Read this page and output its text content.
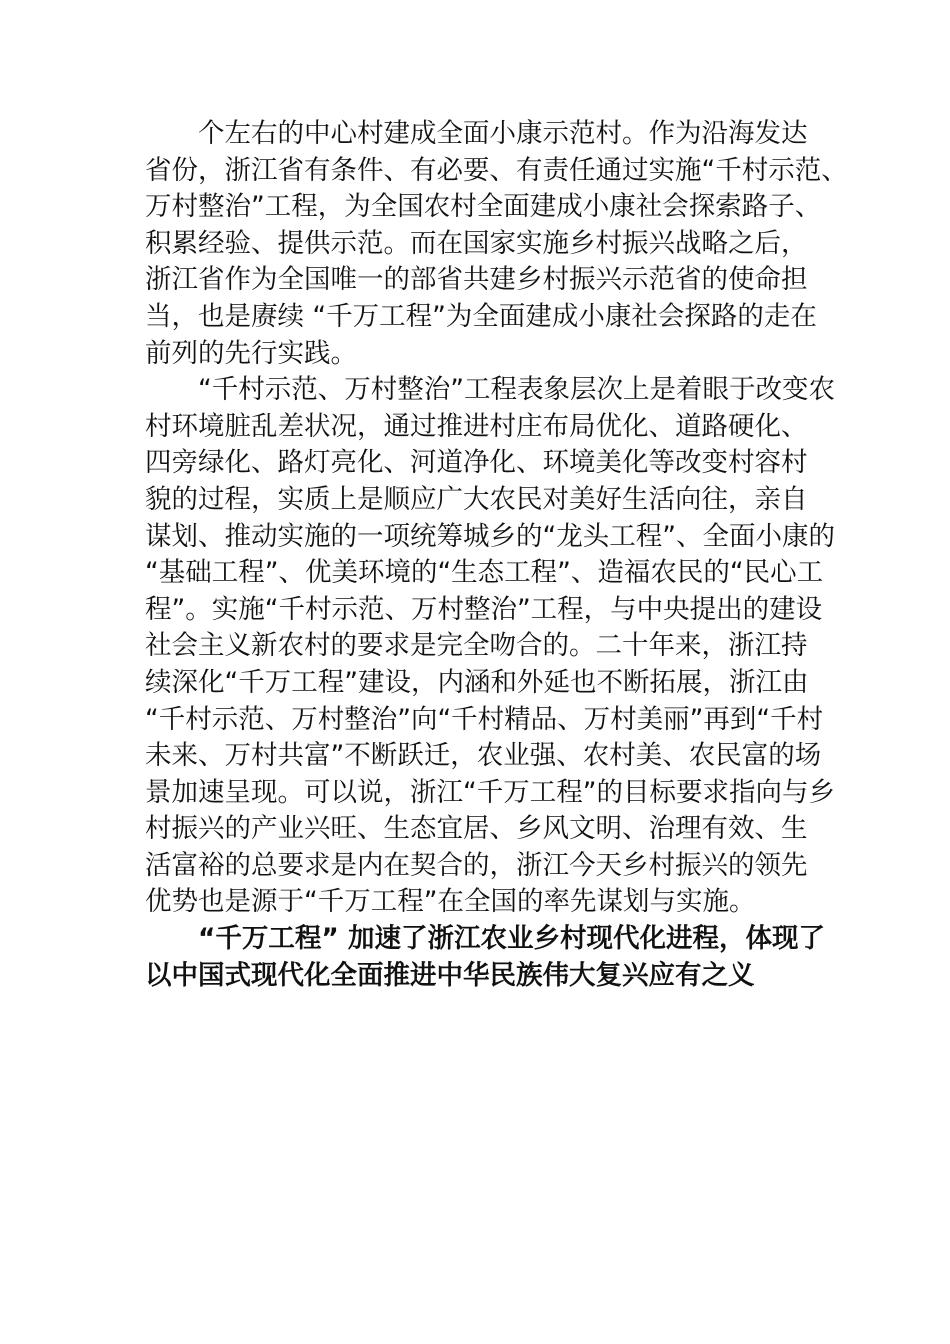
个左右的中心村建成全面小康示范村。作为沿海发达
省份，浙江省有条件、有必要、有责任通过实施“千村示范、
万村整治”工程，为全国农村全面建成小康社会探索路子、
积累经验、提供示范。而在国家实施乡村振兴战略之后，
浙江省作为全国唯一的部省共建乡村振兴示范省的使命担
当，也是赓续 “千万工程”为全面建成小康社会探路的走在
前列的先行实践。
“千村示范、万村整治”工程表象层次上是着眼于改变农
村环境脏乱差状况，通过推进村庄布局优化、道路硬化、
四旁绿化、路灯亮化、河道净化、环境美化等改变村容村
貌的过程，实质上是顺应广大农民对美好生活向往，亲自
谋划、推动实施的一项统筹城乡的“龙头工程”、全面小康的
“基础工程”、优美环境的“生态工程”、造福农民的“民心工
程”。实施“千村示范、万村整治”工程，与中央提出的建设
社会主义新农村的要求是完全吻合的。二十年来，浙江持
续深化“千万工程”建设，内涵和外延也不断拓展，浙江由
“千村示范、万村整治”向“千村精品、万村美丽”再到“千村
未来、万村共富”不断跃迁，农业强、农村美、农民富的场
景加速呈现。可以说，浙江“千万工程”的目标要求指向与乡
村振兴的产业兴旺、生态宜居、乡风文明、治理有效、生
活富裕的总要求是内在契合的，浙江今天乡村振兴的领先
优势也是源于“千万工程”在全国的率先谋划与实施。
“千万工程” 加速了浙江农业乡村现代化进程，体现了
以中国式现代化全面推进中华民族伟大复兴应有之义
